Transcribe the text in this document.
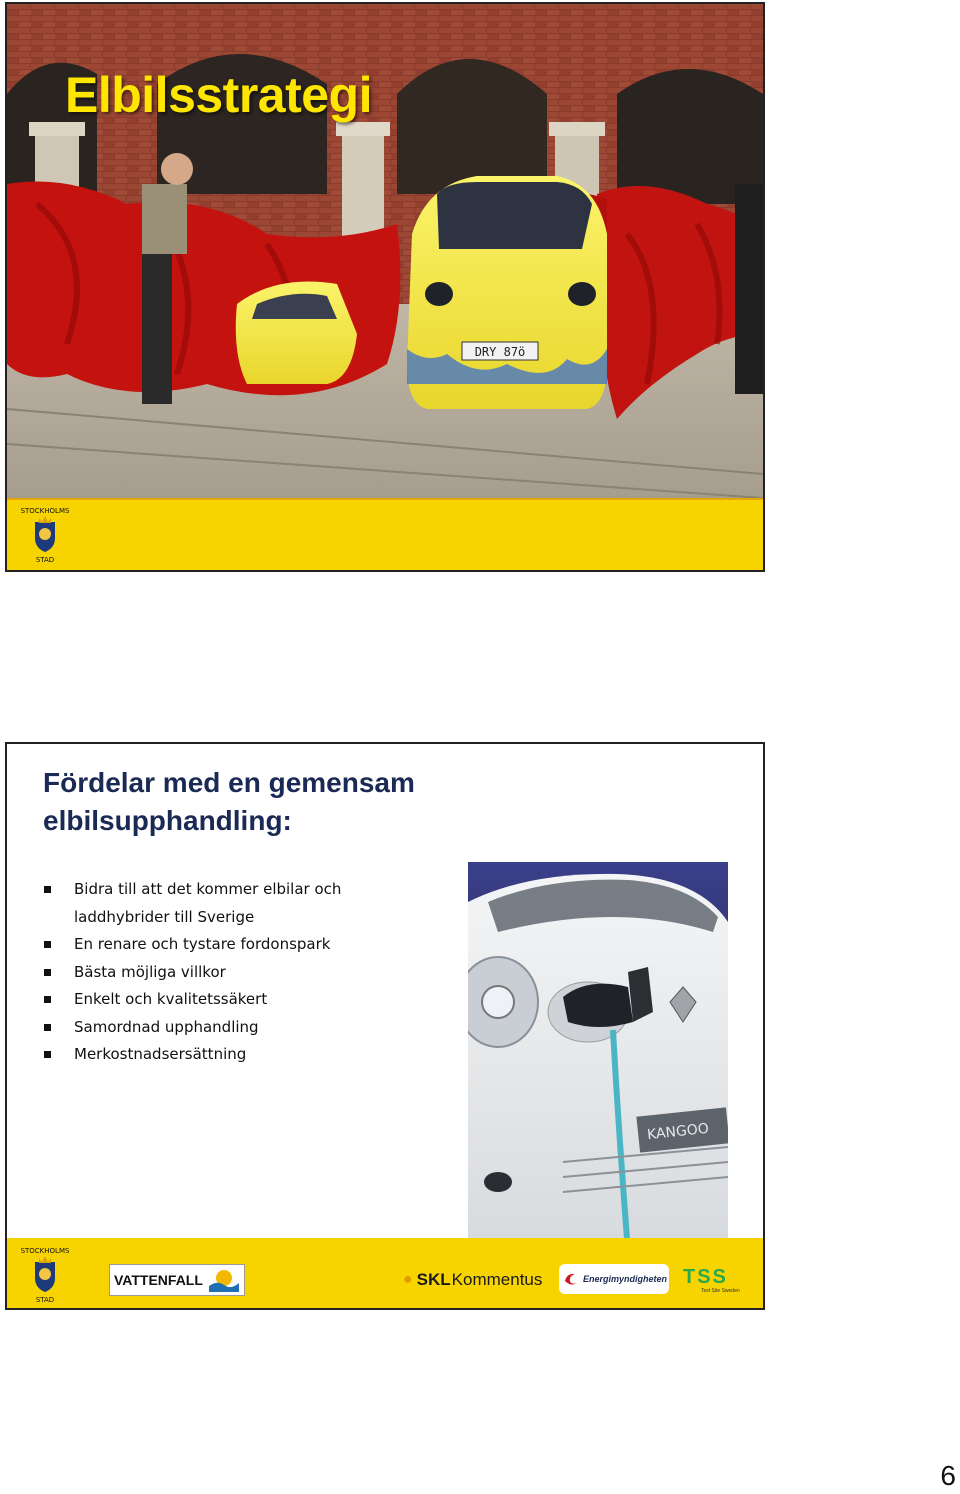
DRY 87ö
Elbilsstrategi
STOCKHOLMS
STAD
Fördelar med en gemensam
elbilsupphandling:
Bidra till att det kommer elbilar och
laddhybrider till Sverige
En renare och tystare fordonspark
Bästa möjliga villkor
Enkelt och kvalitetssäkert
Samordnad upphandling
Merkostnadsersättning
KANGOO
STOCKHOLMS
STAD
VATTENFALL	● SKL Kommentus	Energimyndigheten TSS
Test Site Sweden

6
